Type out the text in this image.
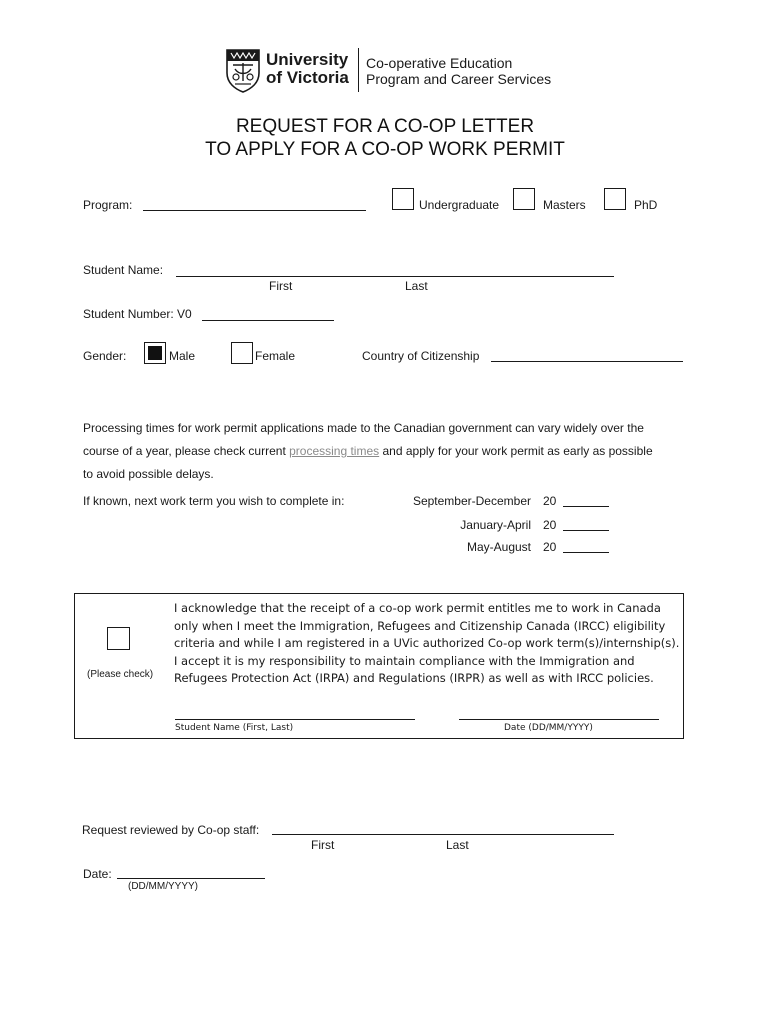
University
of Victoria
Co-operative Education
Program and Career Services
REQUEST FOR A CO-OP LETTER
TO APPLY FOR A CO-OP WORK PERMIT
Program:	Undergraduate	Masters	PhD
Student Name:
First	Last
Student Number: V0
Gender:	Male	Female	Country of Citizenship
Processing times for work permit applications made to the Canadian government can vary widely over the
course of a year, please check current processing times and apply for your work permit as early as possible
to avoid possible delays.
If known, next work term you wish to complete in:	September-December 20
January-April 20
May-August 20
(Please check)
I acknowledge that the receipt of a co-op work permit entitles me to work in Canada
only when I meet the Immigration, Refugees and Citizenship Canada (IRCC) eligibility
criteria and while I am registered in a UVic authorized Co-op work term(s)/internship(s).
I accept it is my responsibility to maintain compliance with the Immigration and
Refugees Protection Act (IRPA) and Regulations (IRPR) as well as with IRCC policies.
Student Name (First, Last)	Date (DD/MM/YYYY)
Request reviewed by Co-op staff:
First	Last
Date:
(DD/MM/YYYY)
